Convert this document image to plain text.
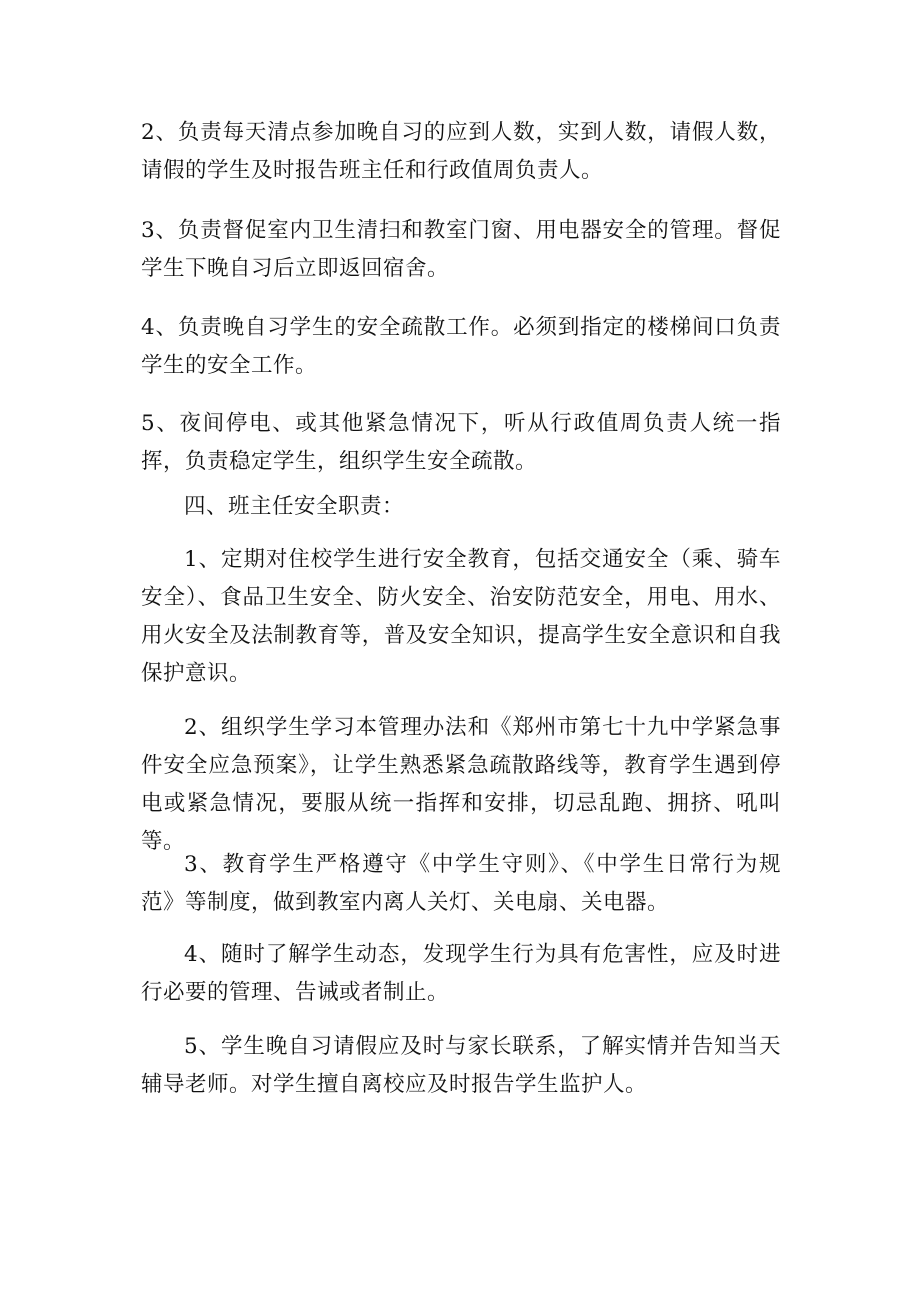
2、负责每天清点参加晚自习的应到人数，实到人数，请假人数，请假的学生及时报告班主任和行政值周负责人。

3、负责督促室内卫生清扫和教室门窗、用电器安全的管理。督促学生下晚自习后立即返回宿舍。

4、负责晚自习学生的安全疏散工作。必须到指定的楼梯间口负责学生的安全工作。

5、夜间停电、或其他紧急情况下，听从行政值周负责人统一指挥，负责稳定学生，组织学生安全疏散。

四、班主任安全职责：

1、定期对住校学生进行安全教育，包括交通安全（乘、骑车安全）、食品卫生安全、防火安全、治安防范安全，用电、用水、用火安全及法制教育等，普及安全知识，提高学生安全意识和自我保护意识。

2、组织学生学习本管理办法和《郑州市第七十九中学紧急事件安全应急预案》，让学生熟悉紧急疏散路线等，教育学生遇到停电或紧急情况，要服从统一指挥和安排，切忌乱跑、拥挤、吼叫等。

3、教育学生严格遵守《中学生守则》、《中学生日常行为规范》等制度，做到教室内离人关灯、关电扇、关电器。

4、随时了解学生动态，发现学生行为具有危害性，应及时进行必要的管理、告诫或者制止。

5、学生晚自习请假应及时与家长联系，了解实情并告知当天辅导老师。对学生擅自离校应及时报告学生监护人。
